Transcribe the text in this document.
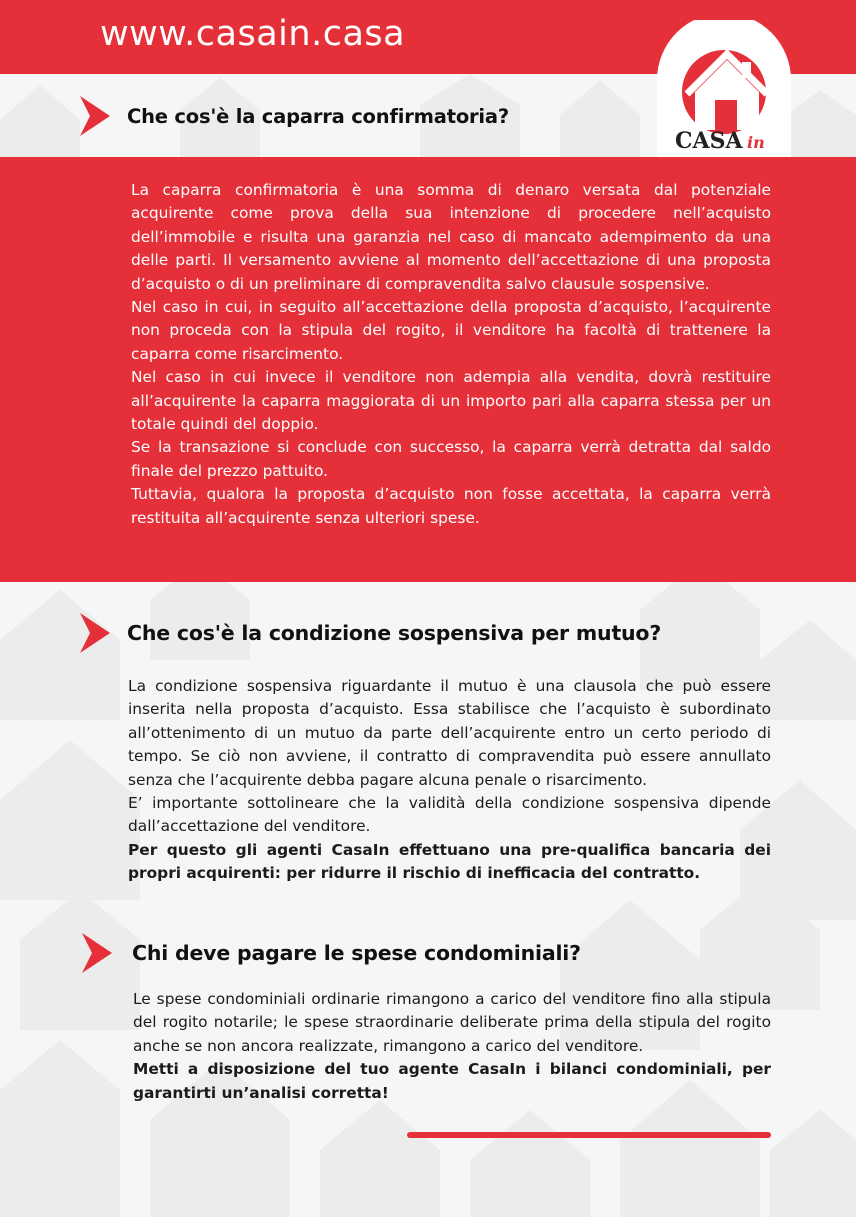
www.casain.casa
CASA in
Che cos'è la caparra confirmatoria?

La caparra confirmatoria è una somma di denaro versata dal potenziale acquirente come prova della sua intenzione di procedere nell’acquisto dell’immobile e risulta una garanzia nel caso di mancato adempimento da una delle parti. Il versamento avviene al momento dell’accettazione di una proposta d’acquisto o di un preliminare di compravendita salvo clausule sospensive.

Nel caso in cui, in seguito all’accettazione della proposta d’acquisto, l’acquirente non proceda con la stipula del rogito, il venditore ha facoltà di trattenere la caparra come risarcimento.

Nel caso in cui invece il venditore non adempia alla vendita, dovrà restituire all’acquirente la caparra maggiorata di un importo pari alla caparra stessa per un totale quindi del doppio.

Se la transazione si conclude con successo, la caparra verrà detratta dal saldo finale del prezzo pattuito.

Tuttavia, qualora la proposta d’acquisto non fosse accettata, la caparra verrà restituita all’acquirente senza ulteriori spese.

Che cos'è la condizione sospensiva per mutuo?

La condizione sospensiva riguardante il mutuo è una clausola che può essere inserita nella proposta d’acquisto. Essa stabilisce che l’acquisto è subordinato all’ottenimento di un mutuo da parte dell’acquirente entro un certo periodo di tempo. Se ciò non avviene, il contratto di compravendita può essere annullato senza che l’acquirente debba pagare alcuna penale o risarcimento.

E’ importante sottolineare che la validità della condizione sospensiva dipende dall’accettazione del venditore.

Per questo gli agenti CasaIn effettuano una pre-qualifica bancaria dei propri acquirenti: per ridurre il rischio di inefficacia del contratto.

Chi deve pagare le spese condominiali?

Le spese condominiali ordinarie rimangono a carico del venditore fino alla stipula del rogito notarile; le spese straordinarie deliberate prima della stipula del rogito anche se non ancora realizzate, rimangono a carico del venditore.

Metti a disposizione del tuo agente CasaIn i bilanci condominiali, per garantirti un’analisi corretta!
